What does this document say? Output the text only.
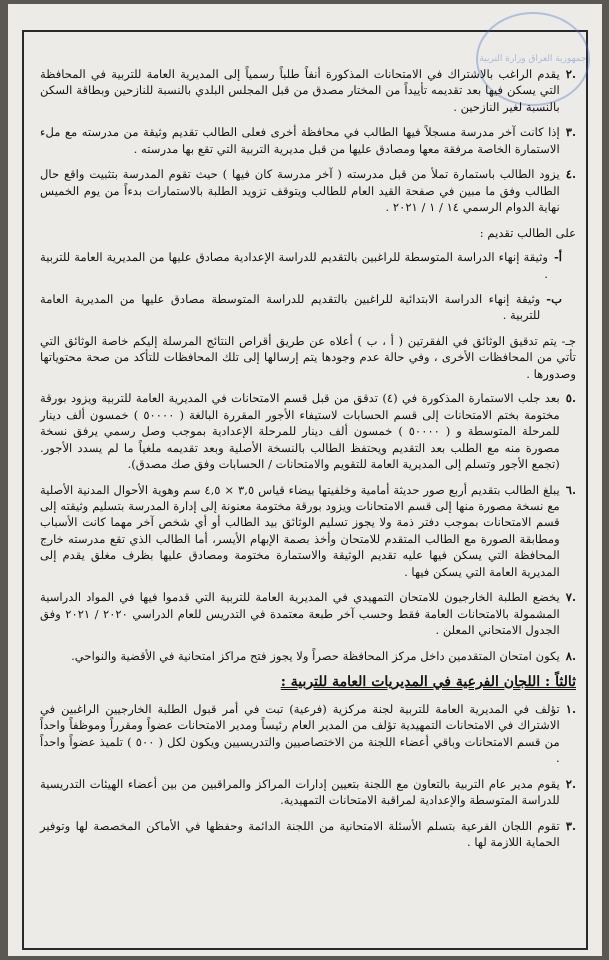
جمهورية العراق وزارة التربية
.٢
يقدم الراغب بالاشتراك في الامتحانات المذكورة أنفاً طلباً رسمياً إلى المديرية العامة للتربية في المحافظة التي يسكن فيها بعد تقديمه تأييداً من المختار مصدق من قبل المجلس البلدي بالنسبة للنازحين وبطاقة السكن بالنسبة لغير النازحين .
.٣
إذا كانت آخر مدرسة مسجلاً فيها الطالب في محافظة أخرى فعلى الطالب تقديم وثيقة من مدرسته مع ملء الاستمارة الخاصة مرفقة معها ومصادق عليها من قبل مديرية التربية التي تقع بها مدرسته .
.٤
يزود الطالب باستمارة تملأ من قبل مدرسته ( آخر مدرسة كان فيها ) حيث تقوم المدرسة بتثبيت واقع حال الطالب وفق ما مبين في صفحة القيد العام للطالب ويتوقف تزويد الطلبة بالاستمارات بدءاً من يوم الخميس نهاية الدوام الرسمي ١٤ / ١ / ٢٠٢١ .
على الطالب تقديم :
أ-
وثيقة إنهاء الدراسة المتوسطة للراغبين بالتقديم للدراسة الإعدادية مصادق عليها من المديرية العامة للتربية .
ب-
وثيقة إنهاء الدراسة الابتدائية للراغبين بالتقديم للدراسة المتوسطة مصادق عليها من المديرية العامة للتربية .
جـ- يتم تدقيق الوثائق في الفقرتين ( أ ، ب ) أعلاه عن طريق أقراص النتائج المرسلة إليكم خاصة الوثائق التي تأتي من المحافظات الأخرى ، وفي حالة عدم وجودها يتم إرسالها إلى تلك المحافظات للتأكد من صحة محتوياتها وصدورها .
.٥
بعد جلب الاستمارة المذكورة في (٤) تدقق من قبل قسم الامتحانات في المديرية العامة للتربية ويزود بورقة مختومة بختم الامتحانات إلى قسم الحسابات لاستيفاء الأجور المقررة البالغة ( ٥٠٠٠٠ ) خمسون ألف دينار للمرحلة المتوسطة و ( ٥٠٠٠٠ ) خمسون ألف دينار للمرحلة الإعدادية بموجب وصل رسمي يرفق نسخة مصورة منه مع الطلب بعد التقديم ويحتفظ الطالب بالنسخة الأصلية وبعد تقديمه ملغياً ما لم يسدد الأجور. (تجمع الأجور وتسلم إلى المديرية العامة للتقويم والامتحانات / الحسابات وفق صك مصدق).
.٦
يبلغ الطالب بتقديم أربع صور حديثة أمامية وخلفيتها بيضاء قياس ٣,٥ × ٤,٥ سم وهوية الأحوال المدنية الأصلية مع نسخة مصورة منها إلى قسم الامتحانات ويزود بورقة مختومة معنونة إلى إدارة المدرسة بتسليم وثيقته إلى قسم الامتحانات بموجب دفتر ذمة ولا يجوز تسليم الوثائق بيد الطالب أو أي شخص آخر مهما كانت الأسباب ومطابقة الصورة مع الطالب المتقدم للامتحان وأخذ بصمة الإبهام الأيسر، أما الطالب الذي تقع مدرسته خارج المحافظة التي يسكن فيها عليه تقديم الوثيقة والاستمارة مختومة ومصادق عليها بظرف مغلق يقدم إلى المديرية العامة التي يسكن فيها .
.٧
يخضع الطلبة الخارجيون للامتحان التمهيدي في المديرية العامة للتربية التي قدموا فيها في المواد الدراسية المشمولة بالامتحانات العامة فقط وحسب آخر طبعة معتمدة في التدريس للعام الدراسي ٢٠٢٠ / ٢٠٢١ وفق الجدول الامتحاني المعلن .
.٨
يكون امتحان المتقدمين داخل مركز المحافظة حصراً ولا يجوز فتح مراكز امتحانية في الأقضية والنواحي.
ثالثاً : اللجان الفرعية في المديريات العامة للتربية :
.١
تؤلف في المديرية العامة للتربية لجنة مركزية (فرعية) تبت في أمر قبول الطلبة الخارجيين الراغبين في الاشتراك في الامتحانات التمهيدية تؤلف من المدير العام رئيساً ومدير الامتحانات عضواً ومقرراً وموظفاً واحداً من قسم الامتحانات وباقي أعضاء اللجنة من الاختصاصيين والتدريسيين ويكون لكل ( ٥٠٠ ) تلميذ عضواً واحداً .
.٢
يقوم مدير عام التربية بالتعاون مع اللجنة بتعيين إدارات المراكز والمراقبين من بين أعضاء الهيئات التدريسية للدراسة المتوسطة والإعدادية لمراقبة الامتحانات التمهيدية.
.٣
تقوم اللجان الفرعية بتسلم الأسئلة الامتحانية من اللجنة الدائمة وحفظها في الأماكن المخصصة لها وتوفير الحماية اللازمة لها .
